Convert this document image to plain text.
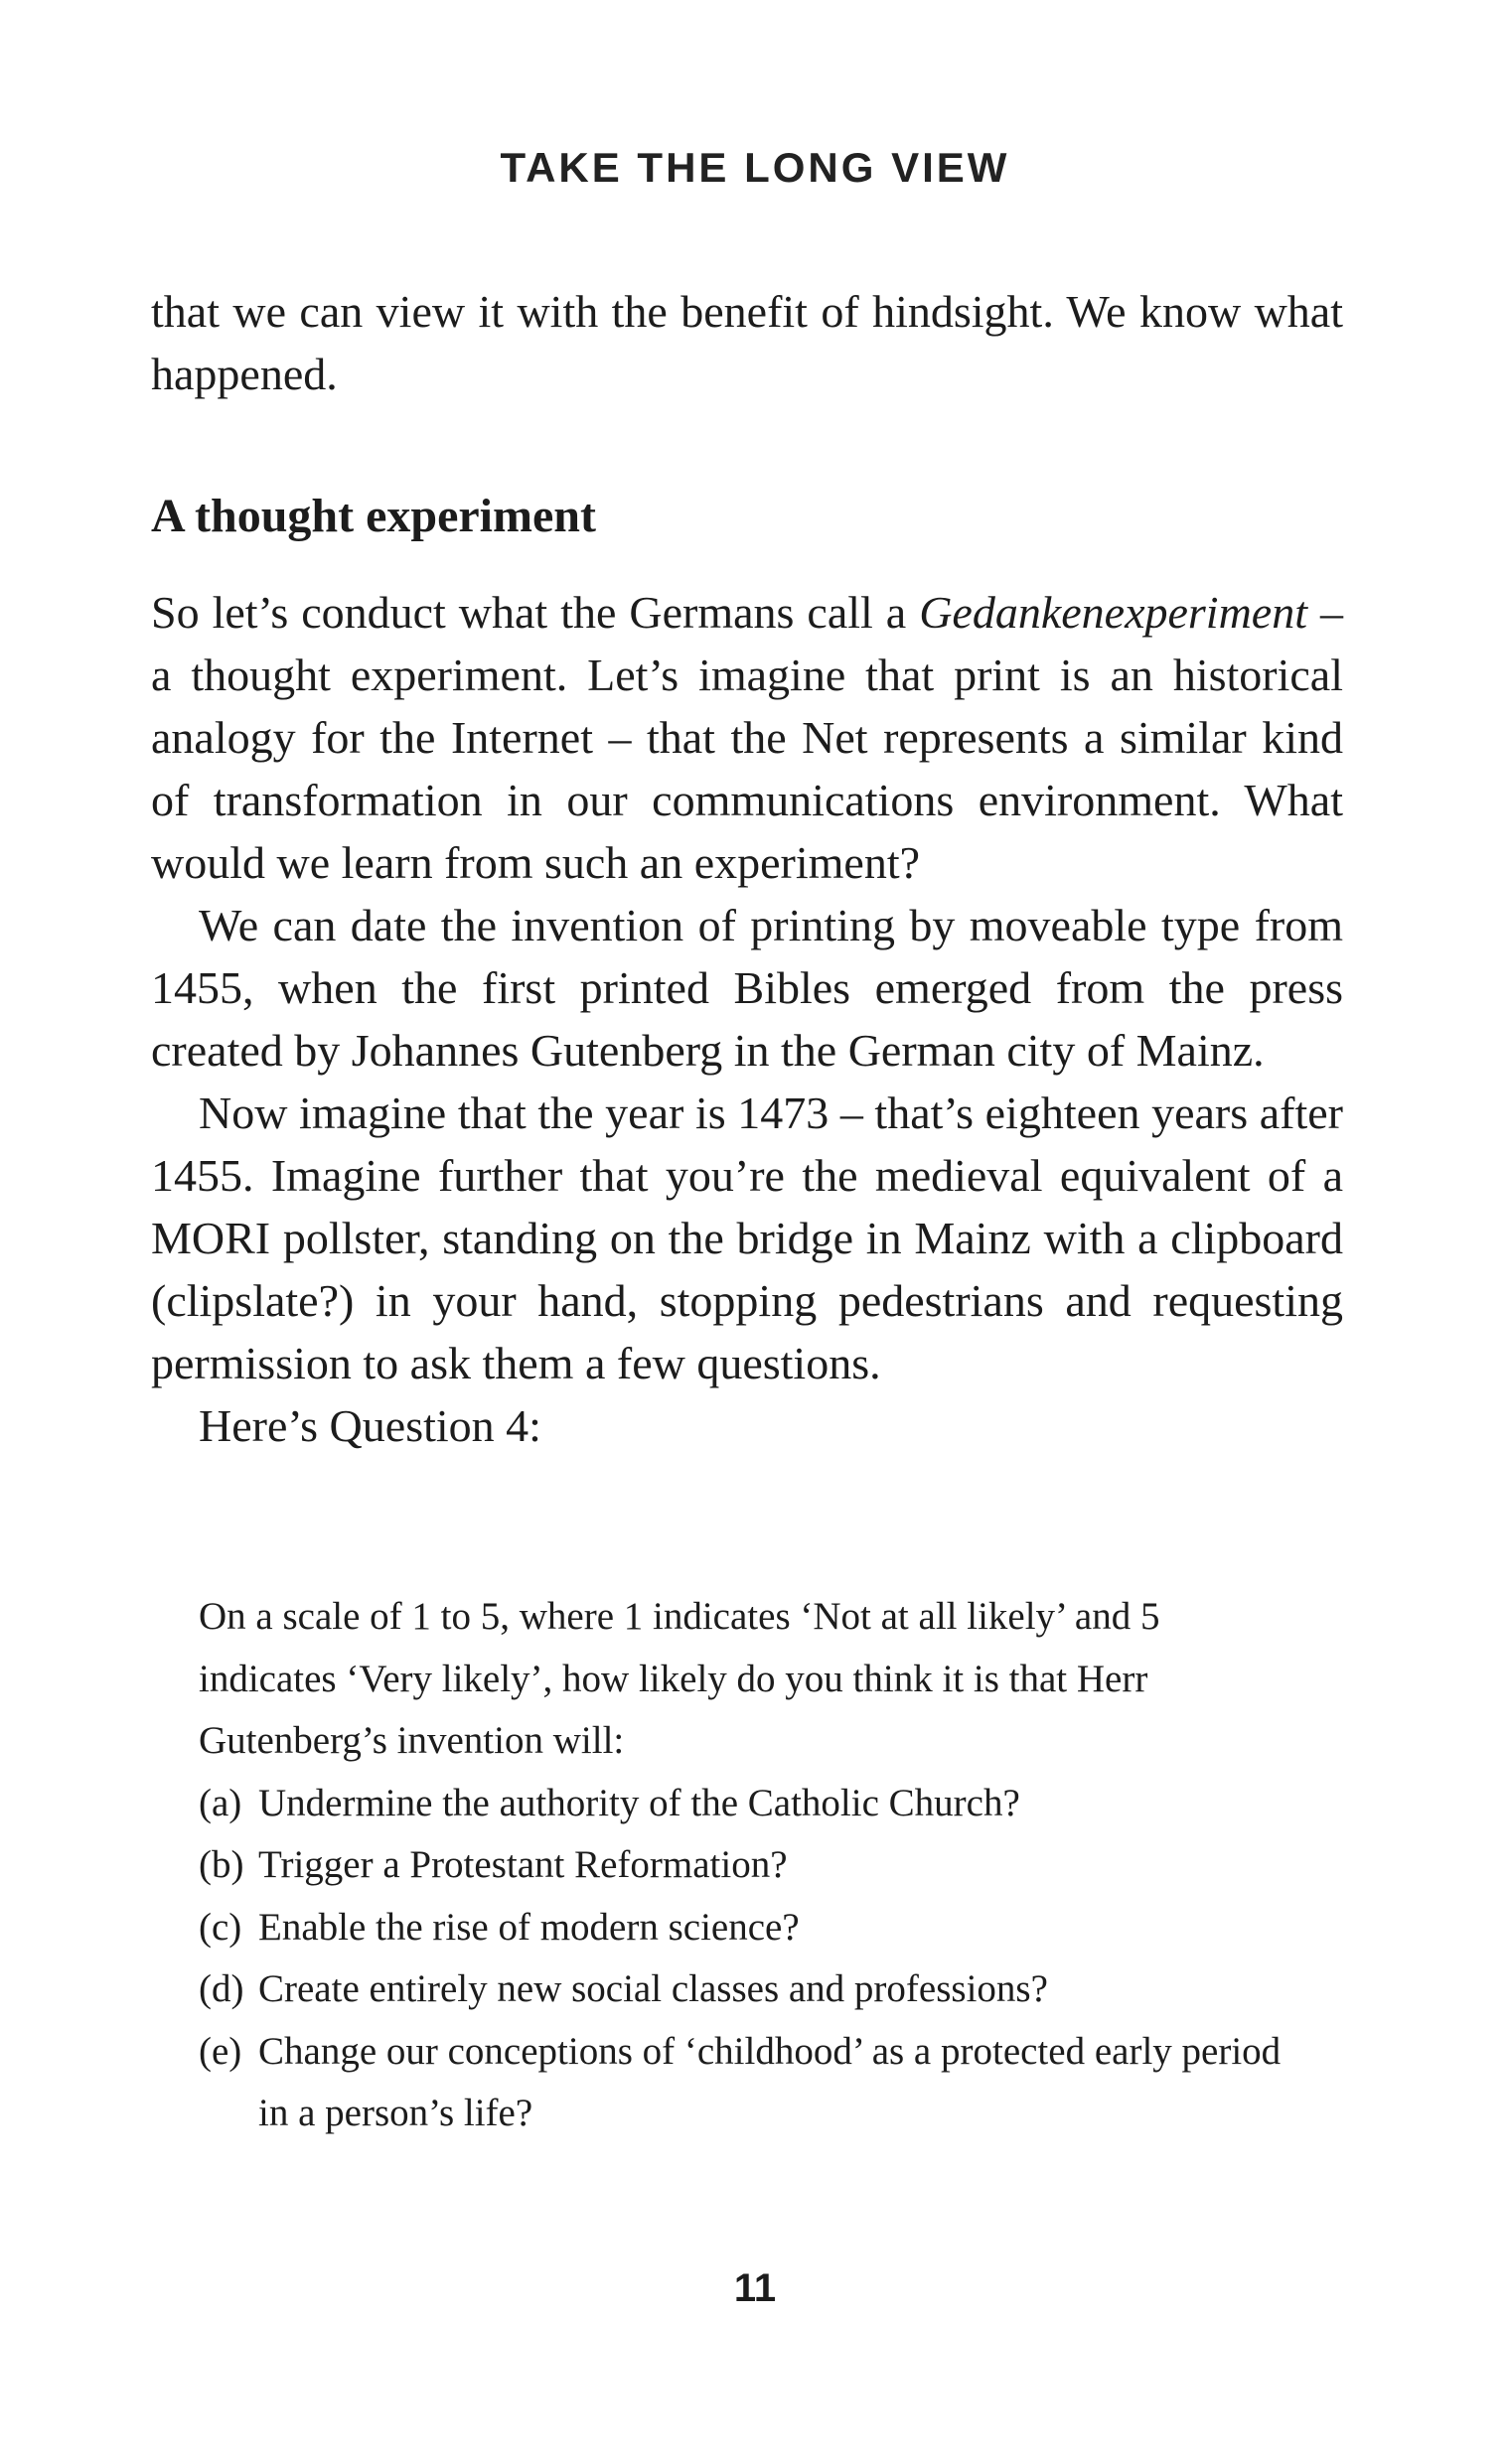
TAKE THE LONG VIEW

that we can view it with the benefit of hindsight. We know what happened.

A thought experiment

So let’s conduct what the Germans call a Gedankenexperiment – a thought experiment. Let’s imagine that print is an historical analogy for the Internet – that the Net represents a similar kind of transformation in our communications environment. What would we learn from such an experiment?

We can date the invention of printing by moveable type from 1455, when the first printed Bibles emerged from the press created by Johannes Gutenberg in the German city of Mainz.

Now imagine that the year is 1473 – that’s eighteen years after 1455. Imagine further that you’re the medieval equivalent of a MORI pollster, standing on the bridge in Mainz with a clipboard (clipslate?) in your hand, stopping pedestrians and requesting permission to ask them a few questions.

Here’s Question 4:

On a scale of 1 to 5, where 1 indicates ‘Not at all likely’ and 5 indicates ‘Very likely’, how likely do you think it is that Herr Gutenberg’s invention will:

(a) Undermine the authority of the Catholic Church?
(b) Trigger a Protestant Reformation?
(c) Enable the rise of modern science?
(d) Create entirely new social classes and professions?
(e) Change our conceptions of ‘childhood’ as a protected early period in a person’s life?
11
